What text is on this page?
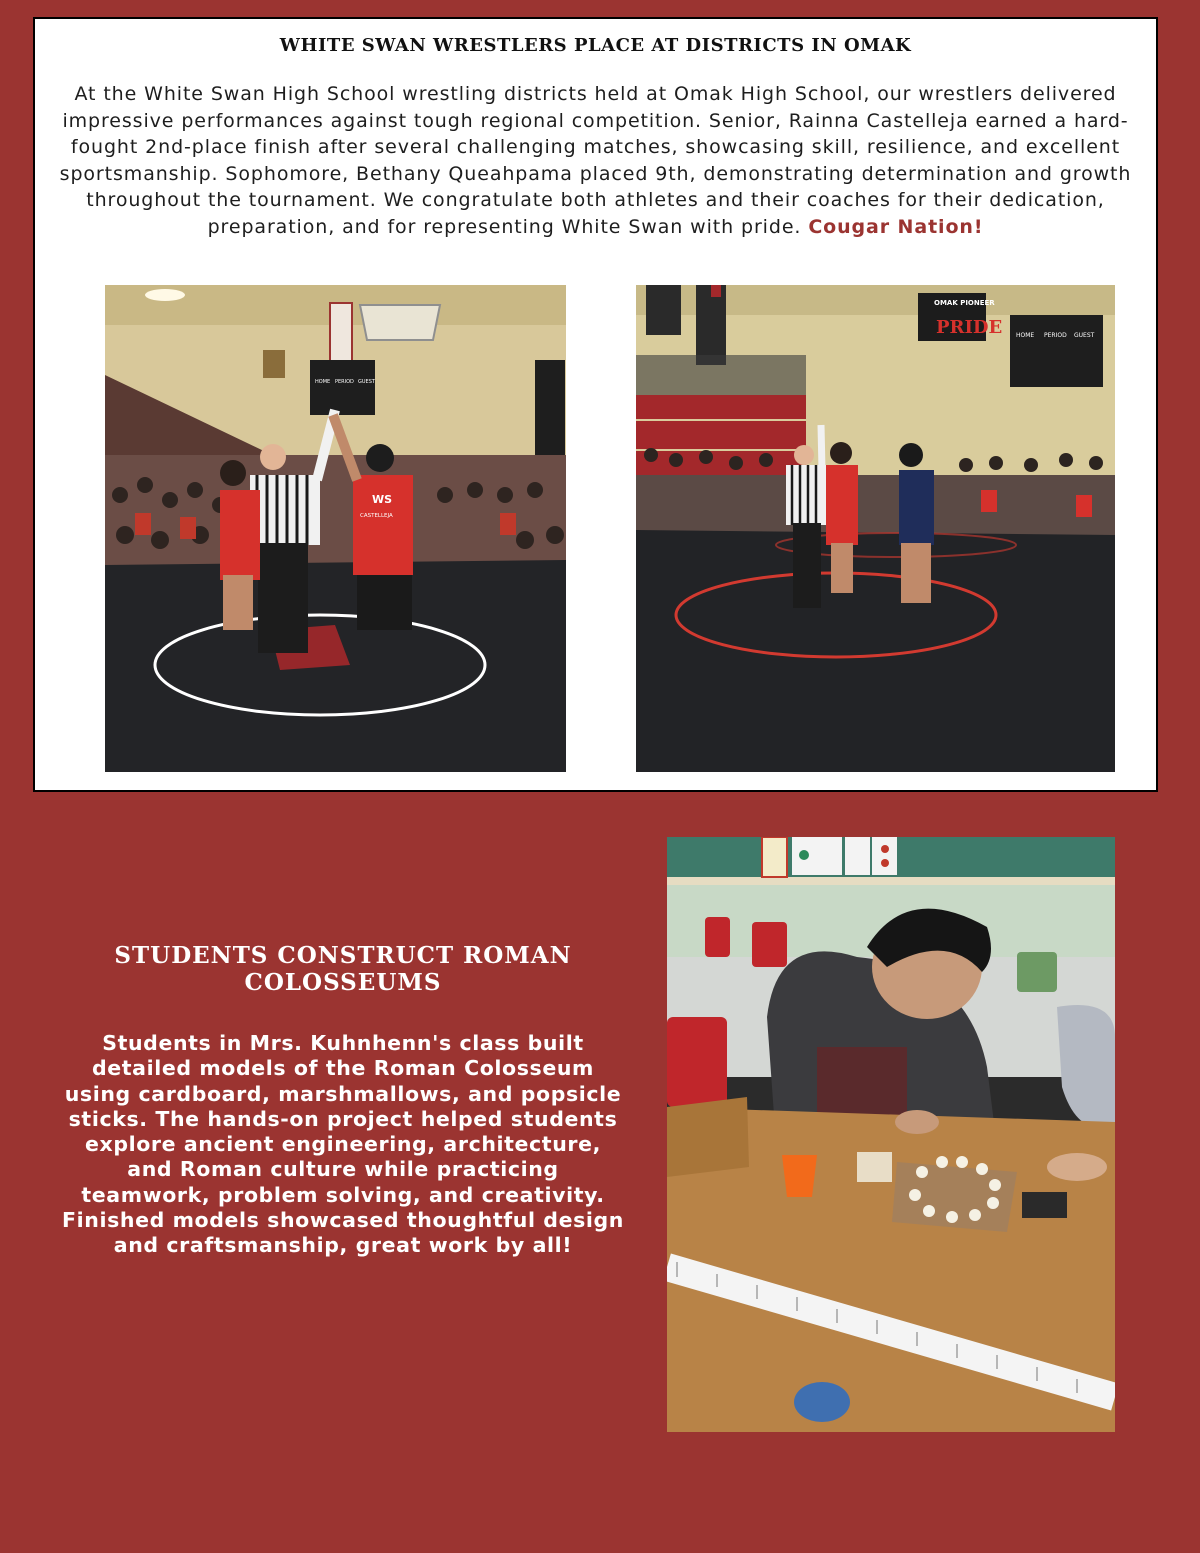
WHITE SWAN WRESTLERS PLACE AT DISTRICTS IN OMAK

At the White Swan High School wrestling districts held at Omak High School, our wrestlers delivered impressive performances against tough regional competition. Senior, Rainna Castelleja earned a hard-fought 2nd-place finish after several challenging matches, showcasing skill, resilience, and excellent sportsmanship. Sophomore, Bethany Queahpama placed 9th, demonstrating determination and growth throughout the tournament. We congratulate both athletes and their coaches for their dedication, preparation, and for representing White Swan with pride. Cougar Nation!

HOME PERIOD GUEST
WS
CASTELLEJA
OMAK PIONEER
PRIDE HOME PERIOD GUEST
STUDENTS CONSTRUCT ROMAN COLOSSEUMS

Students in Mrs. Kuhnhenn's class built detailed models of the Roman Colosseum using cardboard, marshmallows, and popsicle sticks. The hands-on project helped students explore ancient engineering, architecture, and Roman culture while practicing teamwork, problem solving, and creativity. Finished models showcased thoughtful design and craftsmanship, great work by all!
